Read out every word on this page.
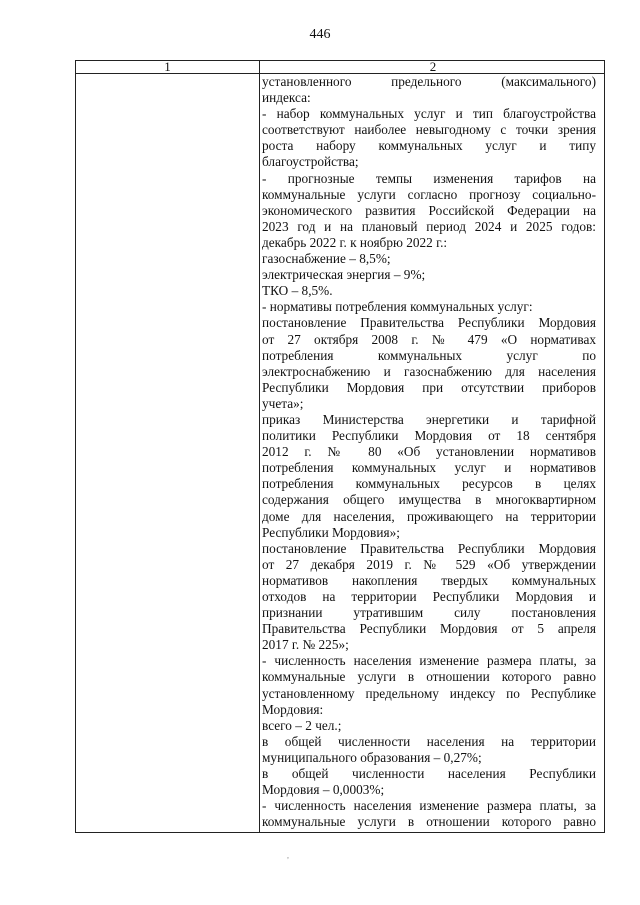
446
1	2
установленного предельного (максимального)
индекса:
- набор коммунальных услуг и тип благоустройства
соответствуют наиболее невыгодному с точки зрения
роста набору коммунальных услуг и типу
благоустройства;
- прогнозные темпы изменения тарифов на
коммунальные услуги согласно прогнозу социально-
экономического развития Российской Федерации на
2023 год и на плановый период 2024 и 2025 годов:
декабрь 2022 г. к ноябрю 2022 г.:
газоснабжение – 8,5%;
электрическая энергия – 9%;
ТКО – 8,5%.
- нормативы потребления коммунальных услуг:
постановление Правительства Республики Мордовия
от 27 октября 2008 г. № 479 «О нормативах
потребления коммунальных услуг по
электроснабжению и газоснабжению для населения
Республики Мордовия при отсутствии приборов
учета»;
приказ Министерства энергетики и тарифной
политики Республики Мордовия от 18 сентября
2012 г. № 80 «Об установлении нормативов
потребления коммунальных услуг и нормативов
потребления коммунальных ресурсов в целях
содержания общего имущества в многоквартирном
доме для населения, проживающего на территории
Республики Мордовия»;
постановление Правительства Республики Мордовия
от 27 декабря 2019 г. № 529 «Об утверждении
нормативов накопления твердых коммунальных
отходов на территории Республики Мордовия и
признании утратившим силу постановления
Правительства Республики Мордовия от 5 апреля
2017 г. № 225»;
- численность населения изменение размера платы, за
коммунальные услуги в отношении которого равно
установленному предельному индексу по Республике
Мордовия:
всего – 2 чел.;
в общей численности населения на территории
муниципального образования – 0,27%;
в общей численности населения Республики
Мордовия – 0,0003%;
- численность населения изменение размера платы, за
коммунальные услуги в отношении которого равно
,
